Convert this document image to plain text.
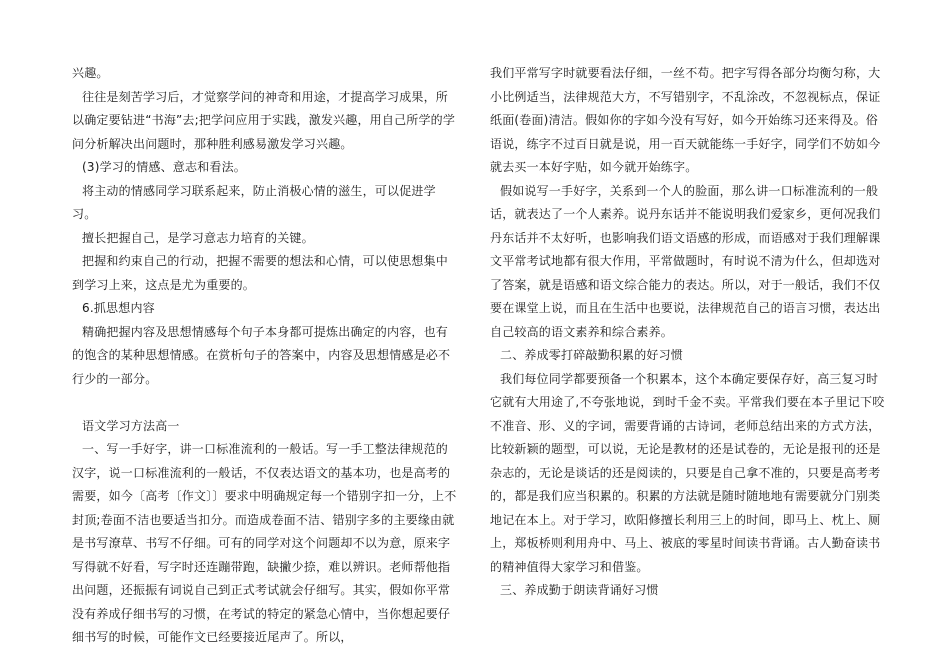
兴趣。

往往是刻苦学习后，才觉察学问的神奇和用途，才提高学习成果，所以确定要钻进“书海”去;把学问应用于实践，激发兴趣，用自己所学的学问分析解决出问题时，那种胜利感易激发学习兴趣。

(3)学习的情感、意志和看法。

将主动的情感同学习联系起来，防止消极心情的滋生，可以促进学习。

擅长把握自己，是学习意志力培育的关键。

把握和约束自己的行动，把握不需要的想法和心情，可以使思想集中到学习上来，这点是尤为重要的。

6.抓思想内容

精确把握内容及思想情感每个句子本身都可提炼出确定的内容，也有的饱含的某种思想情感。在赏析句子的答案中，内容及思想情感是必不行少的一部分。

语文学习方法高一

一、写一手好字，讲一口标准流利的一般话。写一手工整法律规范的汉字，说一口标准流利的一般话，不仅表达语文的基本功，也是高考的需要，如今〔高考〔作文〕〕要求中明确规定每一个错别字扣一分，上不封顶;卷面不洁也要适当扣分。而造成卷面不洁、错别字多的主要缘由就是书写潦草、书写不仔细。可有的同学对这个问题却不以为意，原来字写得就不好看，写字时还连蹦带跑，缺撇少捺，难以辨识。老师帮他指出问题，还振振有词说自己到正式考试就会仔细写。其实，假如你平常没有养成仔细书写的习惯，在考试的特定的紧急心情中，当你想起要仔细书写的时候，可能作文已经要接近尾声了。所以，

我们平常写字时就要看法仔细，一丝不苟。把字写得各部分均衡匀称，大小比例适当，法律规范大方，不写错别字，不乱涂改，不忽视标点，保证纸面(卷面)清洁。假如你的字如今没有写好，如今开始练习还来得及。俗语说，练字不过百日就是说，用一百天就能练一手好字，同学们不妨如今就去买一本好字贴，如今就开始练字。

假如说写一手好字，关系到一个人的脸面，那么讲一口标准流利的一般话，就表达了一个人素养。说丹东话并不能说明我们爱家乡，更何况我们丹东话并不太好听，也影响我们语文语感的形成，而语感对于我们理解课文平常考试地都有很大作用，平常做题时，有时说不清为什么，但却选对了答案，就是语感和语文综合能力的表达。所以，对于一般话，我们不仅要在课堂上说，而且在生活中也要说，法律规范自己的语言习惯，表达出自己较高的语文素养和综合素养。

二、养成零打碎敲勤积累的好习惯

我们每位同学都要预备一个积累本，这个本确定要保存好，高三复习时它就有大用途了,不夸张地说，到时千金不卖。平常我们要在本子里记下咬不准音、形、义的字词，需要背诵的古诗词，老师总结出来的方式方法，比较新颖的题型，可以说，无论是教材的还是试卷的，无论是报刊的还是杂志的，无论是谈话的还是阅读的，只要是自己拿不准的，只要是高考考的，都是我们应当积累的。积累的方法就是随时随地地有需要就分门别类地记在本上。对于学习，欧阳修擅长利用三上的时间，即马上、枕上、厕上，郑板桥则利用舟中、马上、被底的零星时间读书背诵。古人勤奋读书的精神值得大家学习和借鉴。

三、养成勤于朗读背诵好习惯
